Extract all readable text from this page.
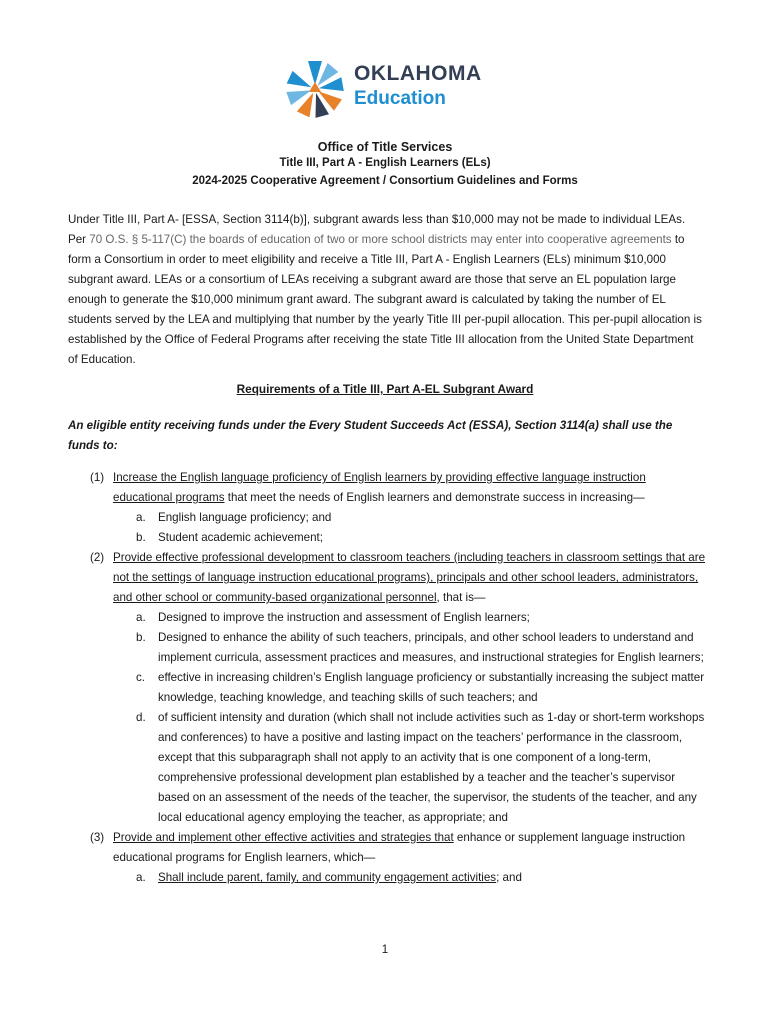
OKLAHOMA
Education
Office of Title Services
Title III, Part A - English Learners (ELs)
2024-2025 Cooperative Agreement / Consortium Guidelines and Forms

Under Title III, Part A- [ESSA, Section 3114(b)], subgrant awards less than $10,000 may not be made to individual LEAs. Per 70 O.S. § 5-117(C) the boards of education of two or more school districts may enter into cooperative agreements to form a Consortium in order to meet eligibility and receive a Title III, Part A - English Learners (ELs) minimum $10,000 subgrant award. LEAs or a consortium of LEAs receiving a subgrant award are those that serve an EL population large enough to generate the $10,000 minimum grant award. The subgrant award is calculated by taking the number of EL students served by the LEA and multiplying that number by the yearly Title III per-pupil allocation. This per-pupil allocation is established by the Office of Federal Programs after receiving the state Title III allocation from the United State Department of Education.

Requirements of a Title III, Part A-EL Subgrant Award

An eligible entity receiving funds under the Every Student Succeeds Act (ESSA), Section 3114(a) shall use the funds to:

(1) Increase the English language proficiency of English learners by providing effective language instruction educational programs that meet the needs of English learners and demonstrate success in increasing—
a. English language proficiency; and
b. Student academic achievement;
(2) Provide effective professional development to classroom teachers (including teachers in classroom settings that are not the settings of language instruction educational programs), principals and other school leaders, administrators, and other school or community-based organizational personnel, that is—
a. Designed to improve the instruction and assessment of English learners;
b. Designed to enhance the ability of such teachers, principals, and other school leaders to understand and implement curricula, assessment practices and measures, and instructional strategies for English learners;
c. effective in increasing children’s English language proficiency or substantially increasing the subject matter knowledge, teaching knowledge, and teaching skills of such teachers; and
d. of sufficient intensity and duration (which shall not include activities such as 1-day or short-term workshops and conferences) to have a positive and lasting impact on the teachers’ performance in the classroom, except that this subparagraph shall not apply to an activity that is one component of a long-term, comprehensive professional development plan established by a teacher and the teacher’s supervisor based on an assessment of the needs of the teacher, the supervisor, the students of the teacher, and any local educational agency employing the teacher, as appropriate; and
(3) Provide and implement other effective activities and strategies that enhance or supplement language instruction educational programs for English learners, which—
a. Shall include parent, family, and community engagement activities; and
1
